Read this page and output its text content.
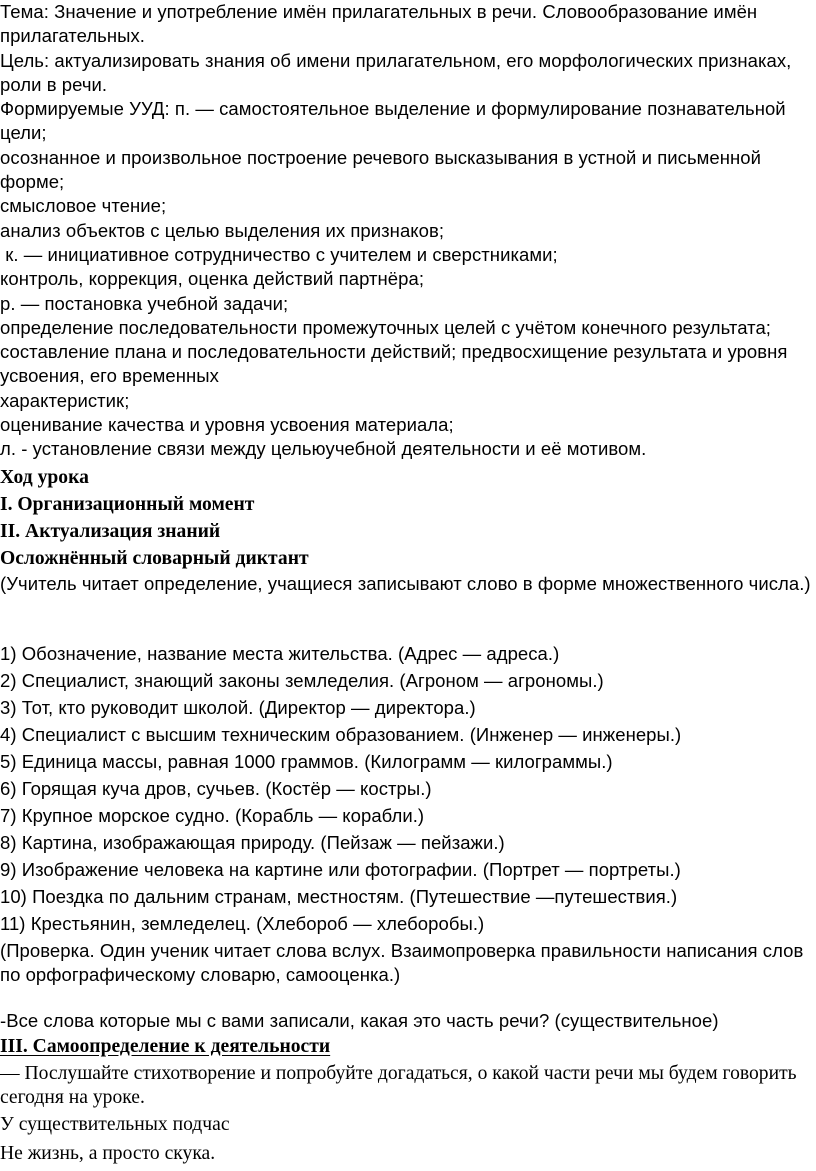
Тема: Значение и употребление имён прилагательных в речи. Словообразование имён прилагательных.
Цель: актуализировать знания об имени прилагательном, его морфологических признаках, роли в речи.
Формируемые УУД: п. — самостоятельное выделение и формулирование познавательной цели;
осознанное и произвольное построение речевого высказывания в устной и письменной форме;
смысловое чтение;
анализ объектов с целью выделения их признаков;
к. — инициативное сотрудничество с учителем и сверстниками;
контроль, коррекция, оценка действий партнёра;
р. — постановка учебной задачи;
определение последовательности промежуточных целей с учётом конечного результата; составление плана и последовательности действий; предвосхищение результата и уровня усвоения, его временных
характеристик;
оценивание качества и уровня усвоения материала;
л. - установление связи между цельюучебной деятельности и её мотивом.
Ход урока
I. Организационный момент
II. Актуализация знаний
Осложнённый словарный диктант
(Учитель читает определение, учащиеся записывают слово в форме множественного числа.)
1) Обозначение, название места жительства. (Адрес — адреса.)
2) Специалист, знающий законы земледелия. (Агроном — агрономы.)
3) Тот, кто руководит школой. (Директор — директора.)
4) Специалист с высшим техническим образованием. (Инженер — инженеры.)
5) Единица массы, равная 1000 граммов. (Килограмм — килограммы.)
6) Горящая куча дров, сучьев. (Костёр — костры.)
7) Крупное морское судно. (Корабль — корабли.)
8) Картина, изображающая природу. (Пейзаж — пейзажи.)
9) Изображение человека на картине или фотографии. (Портрет — портреты.)
10) Поездка по дальним странам, местностям. (Путешествие —путешествия.)
11) Крестьянин, земледелец. (Хлебороб — хлеборобы.)
(Проверка. Один ученик читает слова вслух. Взаимопроверка правильности написания слов по орфографическому словарю, самооценка.)
-Все слова которые мы с вами записали, какая это часть речи? (существительное)
III. Самоопределение к деятельности
— Послушайте стихотворение и попробуйте догадаться, о какой части речи мы будем говорить сегодня на уроке.
У существительных подчас
Не жизнь, а просто скука.
